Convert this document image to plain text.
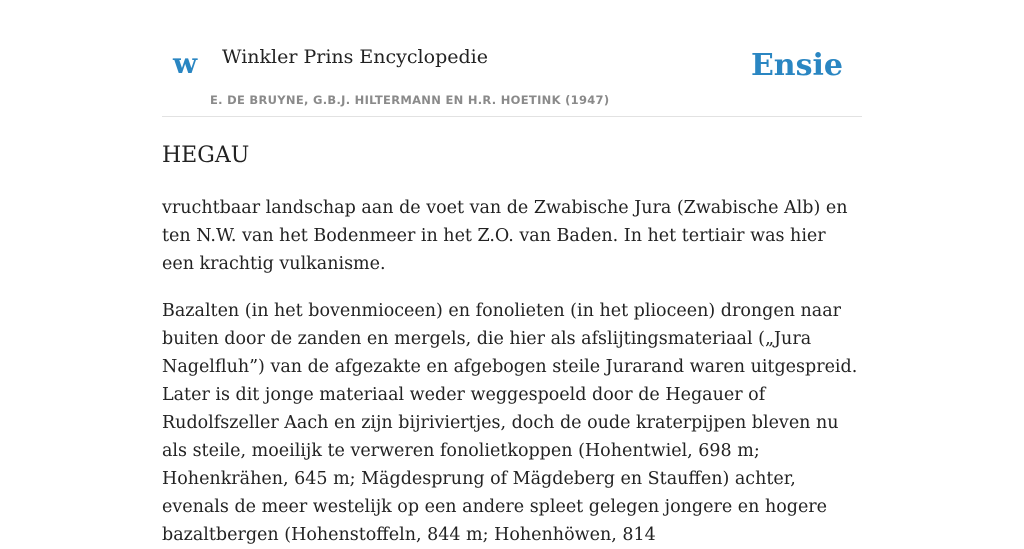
w Winkler Prins Encyclopedie	Ensie
E. DE BRUYNE, G.B.J. HILTERMANN EN H.R. HOETINK (1947)
HEGAU

vruchtbaar landschap aan de voet van de Zwabische Jura (Zwabische Alb) en ten N.W. van het Bodenmeer in het Z.O. van Baden. In het tertiair was hier een krachtig vulkanisme.

Bazalten (in het bovenmioceen) en fonolieten (in het plioceen) drongen naar buiten door de zanden en mergels, die hier als afslijtingsmateriaal („Jura Nagelfluh”) van de afgezakte en afgebogen steile Jurarand waren uitgespreid. Later is dit jonge materiaal weder weggespoeld door de Hegauer of Rudolfszeller Aach en zijn bijriviertjes, doch de oude kraterpijpen bleven nu als steile, moeilijk te verweren fonolietkoppen (Hohentwiel, 698 m; Hohenkrähen, 645 m; Mägdesprung of Mägdeberg en Stauffen) achter, evenals de meer westelijk op een andere spleet gelegen jongere en hogere bazaltbergen (Hohenstoffeln, 844 m; Hohenhöwen, 814
